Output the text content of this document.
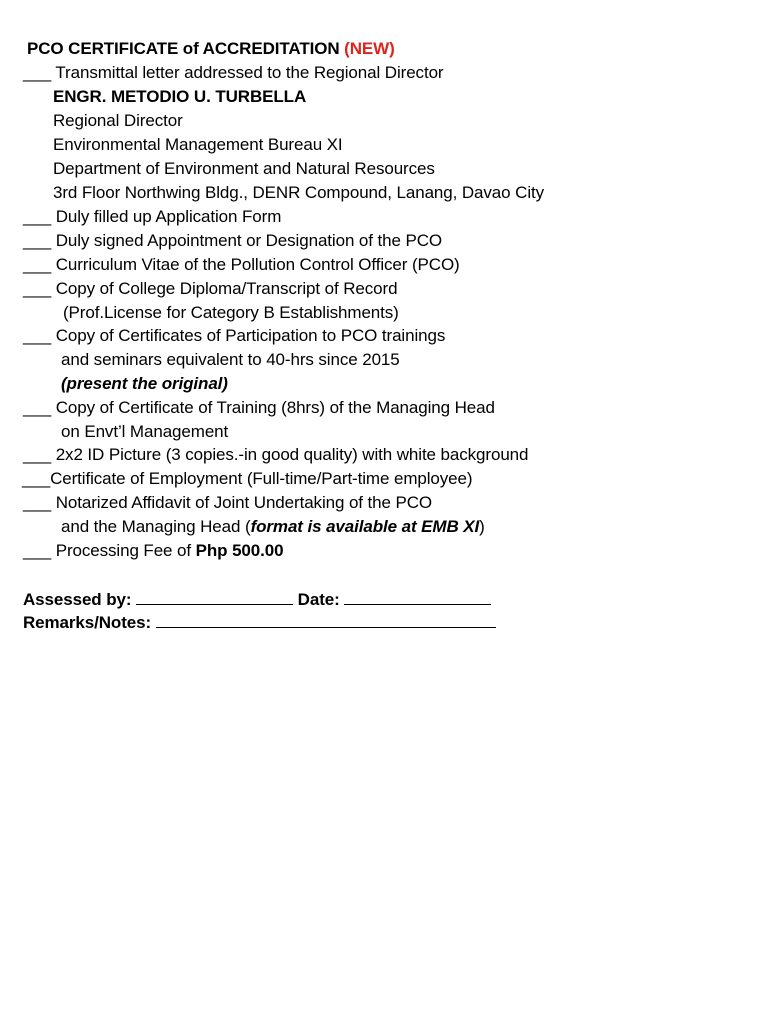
PCO CERTIFICATE of ACCREDITATION (NEW)
___ Transmittal letter addressed to the Regional Director
ENGR. METODIO U. TURBELLA
Regional Director
Environmental Management Bureau XI
Department of Environment and Natural Resources
3rd Floor Northwing Bldg., DENR Compound, Lanang, Davao City
___ Duly filled up Application Form
___ Duly signed Appointment or Designation of the PCO
___ Curriculum Vitae of the Pollution Control Officer (PCO)
___ Copy of College Diploma/Transcript of Record
(Prof.License for Category B Establishments)
___ Copy of Certificates of Participation to PCO trainings
and seminars equivalent to 40-hrs since 2015
(present the original)
___ Copy of Certificate of Training (8hrs) of the Managing Head
on Envt’l Management
___ 2x2 ID Picture (3 copies.-in good quality) with white background
___Certificate of Employment (Full-time/Part-time employee)
___ Notarized Affidavit of Joint Undertaking of the PCO
and the Managing Head (format is available at EMB XI)
___ Processing Fee of Php 500.00
Assessed by:	Date:
Remarks/Notes:
